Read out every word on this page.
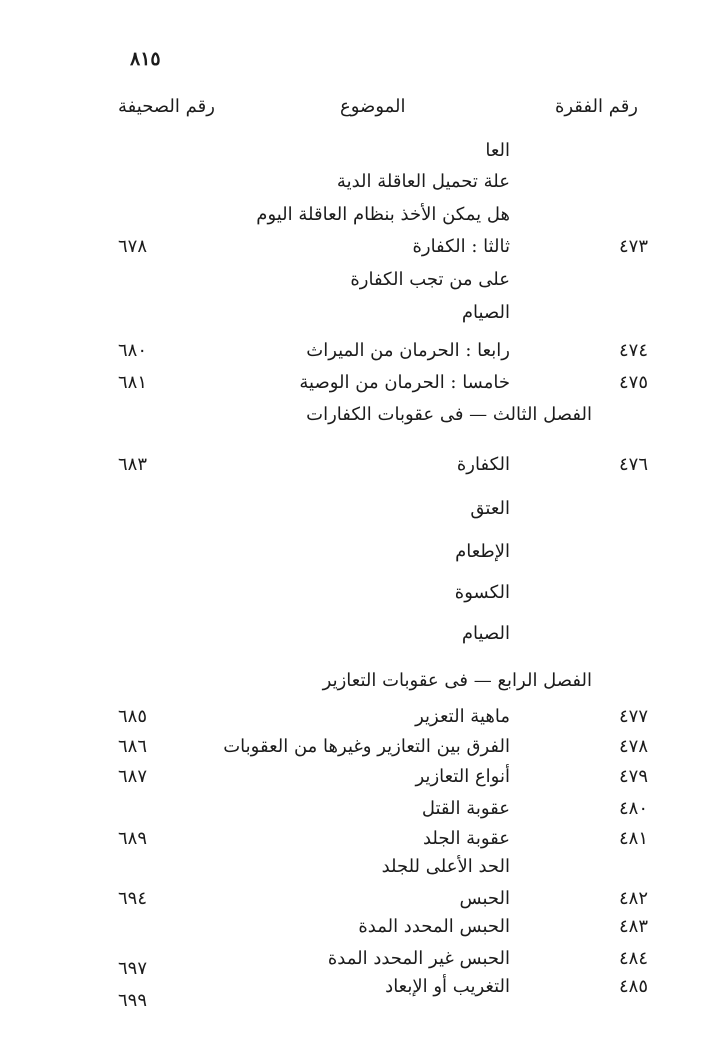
٨١٥
رقم الفقرة
الموضوع
رقم الصحيفة
العا
علة تحميل العاقلة الدية
هل يمكن الأخذ بنظام العاقلة اليوم
٤٧٣
ثالثا : الكفارة
٦٧٨
على من تجب الكفارة
الصيام
٤٧٤
رابعا : الحرمان من الميراث
٦٨٠
٤٧٥
خامسا : الحرمان من الوصية
٦٨١
الفصل الثالث — فى عقوبات الكفارات
٤٧٦
الكفارة
٦٨٣
العتق
الإطعام
الكسوة
الصيام
الفصل الرابع — فى عقوبات التعازير
٤٧٧
ماهية التعزير
٦٨٥
٤٧٨
الفرق بين التعازير وغيرها من العقوبات
٦٨٦
٤٧٩
أنواع التعازير
٦٨٧
٤٨٠
عقوبة القتل
٤٨١
عقوبة الجلد
٦٨٩
الحد الأعلى للجلد
٤٨٢
الحبس
٦٩٤
٤٨٣
الحبس المحدد المدة
٤٨٤
الحبس غير المحدد المدة
٦٩٧
٤٨٥
التغريب أو الإبعاد
٦٩٩
